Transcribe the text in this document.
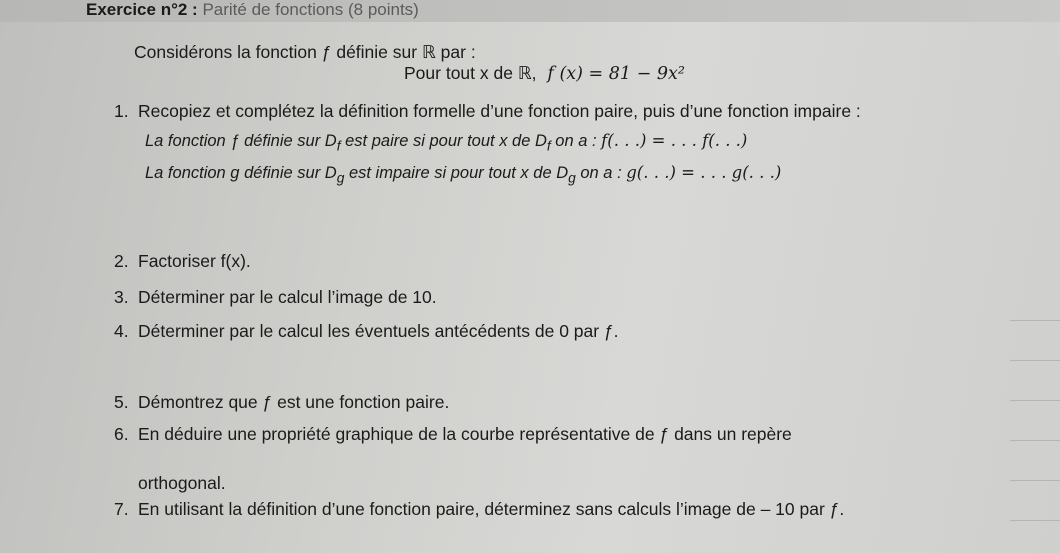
Exercice n°2 : Parité de fonctions (8 points)
Considérons la fonction ƒ définie sur ℝ par :
Pour tout x de ℝ, f (x) = 81 − 9x²
1. Recopiez et complétez la définition formelle d’une fonction paire, puis d’une fonction impaire :
La fonction ƒ définie sur $D_f$ est paire si pour tout x de $D_f$ on a : f(. . .) = . . . f(. . .)
La fonction g définie sur $D_g$ est impaire si pour tout x de $D_g$ on a : g(. . .) = . . . g(. . .)
2. Factoriser f(x).
3. Déterminer par le calcul l’image de 10.
4. Déterminer par le calcul les éventuels antécédents de 0 par ƒ.
5. Démontrez que ƒ est une fonction paire.
6. En déduire une propriété graphique de la courbe représentative de ƒ dans un repère
orthogonal.
7. En utilisant la définition d’une fonction paire, déterminez sans calculs l’image de – 10 par ƒ.
